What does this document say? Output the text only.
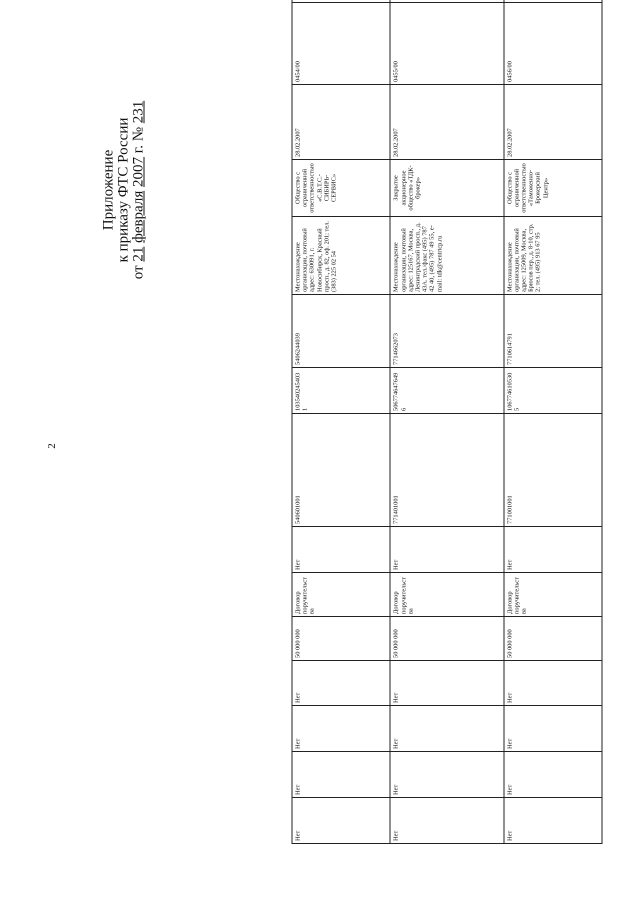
2
Приложение к приказу ФТС России
от 21 февраля 2007 г. № 231
Нет	Нет	Нет	Нет	50 000 000	Договор поручительства	Нет	540601001	1035402454031	5406244039	Местонахождение организации, почтовый адрес: 630091, г. Новосибирск, Красный просп., д. 82, оф. 201; тел. (383) 225 02 54	Общество с ограниченной ответственностью «С.В.Т.С.-СИБИРЬ-СЕРВИС»	28.02.2007	0454/00	
Нет	Нет	Нет	Нет	50 000 000	Договор поручительства	Нет	771401001	5067746476496	7714662073	Местонахождение организации, почтовый адрес: 125167, Москва, Ленинградский просп., д. 43А. тел./факс (495) 787 42 40, (495) 787 49 55, e-mail: tdk@centrtcp.ru	Закрытое акционерное общество «ТДК-брокер»	28.02.2007	0455/00	
Нет	Нет	Нет	Нет	50 000 000	Договор поручительства	Нет	771001001	1067746105305	7710614791	Местонахождение организации, почтовый адрес: 125009, Москва, Брюсов пер., д. 8-10, стр. 2; тел. (495) 913 67 95	Общество с ограниченной ответственностью «Таможенно-Брокерский Центр»	28.02.2007	0456/00	
